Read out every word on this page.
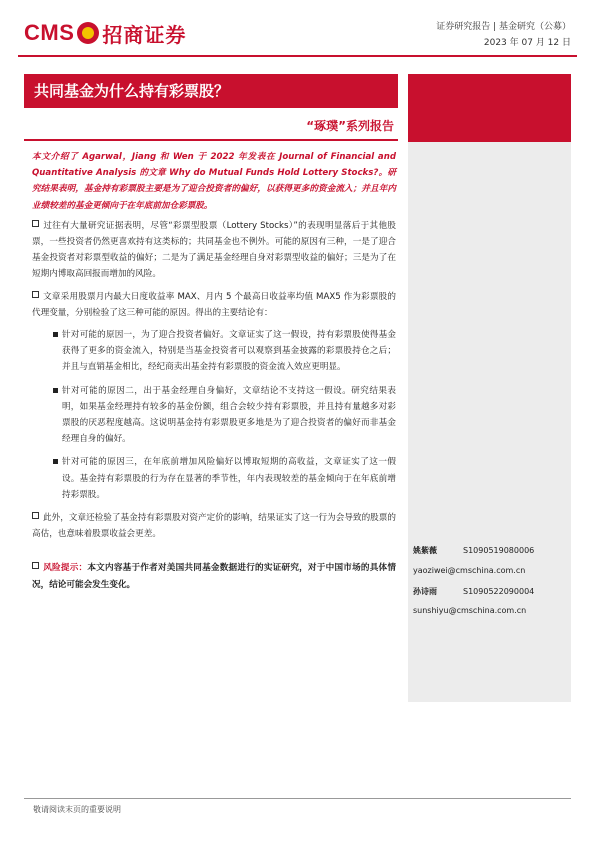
CMS 招商证券	证券研究报告 | 基金研究（公募）
2023 年 07 月 12 日
共同基金为什么持有彩票股？
“琢璞”系列报告

本文介绍了 Agarwal，Jiang 和 Wen 于 2022 年发表在 Journal of Financial and Quantitative Analysis 的文章 Why do Mutual Funds Hold Lottery Stocks?。研究结果表明，基金持有彩票股主要是为了迎合投资者的偏好，以获得更多的资金流入；并且年内业绩较差的基金更倾向于在年底前加仓彩票股。

过往有大量研究证据表明，尽管“彩票型股票（Lottery Stocks）”的表现明显落后于其他股票，一些投资者仍然更喜欢持有这类标的；共同基金也不例外。可能的原因有三种，一是了迎合基金投资者对彩票型收益的偏好；二是为了满足基金经理自身对彩票型收益的偏好；三是为了在短期内博取高回报而增加的风险。

文章采用股票月内最大日度收益率 MAX、月内 5 个最高日收益率均值 MAX5 作为彩票股的代理变量，分别检验了这三种可能的原因。得出的主要结论有：

针对可能的原因一，为了迎合投资者偏好。文章证实了这一假设，持有彩票股使得基金获得了更多的资金流入，特别是当基金投资者可以观察到基金披露的彩票股持仓之后；并且与直销基金相比，经纪商卖出基金持有彩票股的资金流入效应更明显。

针对可能的原因二，出于基金经理自身偏好，文章结论不支持这一假设。研究结果表明，如果基金经理持有较多的基金份额，组合会较少持有彩票股，并且持有量越多对彩票股的厌恶程度越高。这说明基金持有彩票股更多地是为了迎合投资者的偏好而非基金经理自身的偏好。

针对可能的原因三，在年底前增加风险偏好以博取短期的高收益，文章证实了这一假设。基金持有彩票股的行为存在显著的季节性，年内表现较差的基金倾向于在年底前增持彩票股。

此外，文章还检验了基金持有彩票股对资产定价的影响，结果证实了这一行为会导致的股票的高估，也意味着股票收益会更差。

风险提示：本文内容基于作者对美国共同基金数据进行的实证研究，对于中国市场的具体情况，结论可能会发生变化。

姚紫薇	S1090519080006
yaoziwei@cmschina.com.cn
孙诗雨	S1090522090004
sunshiyu@cmschina.com.cn
敬请阅读末页的重要说明
